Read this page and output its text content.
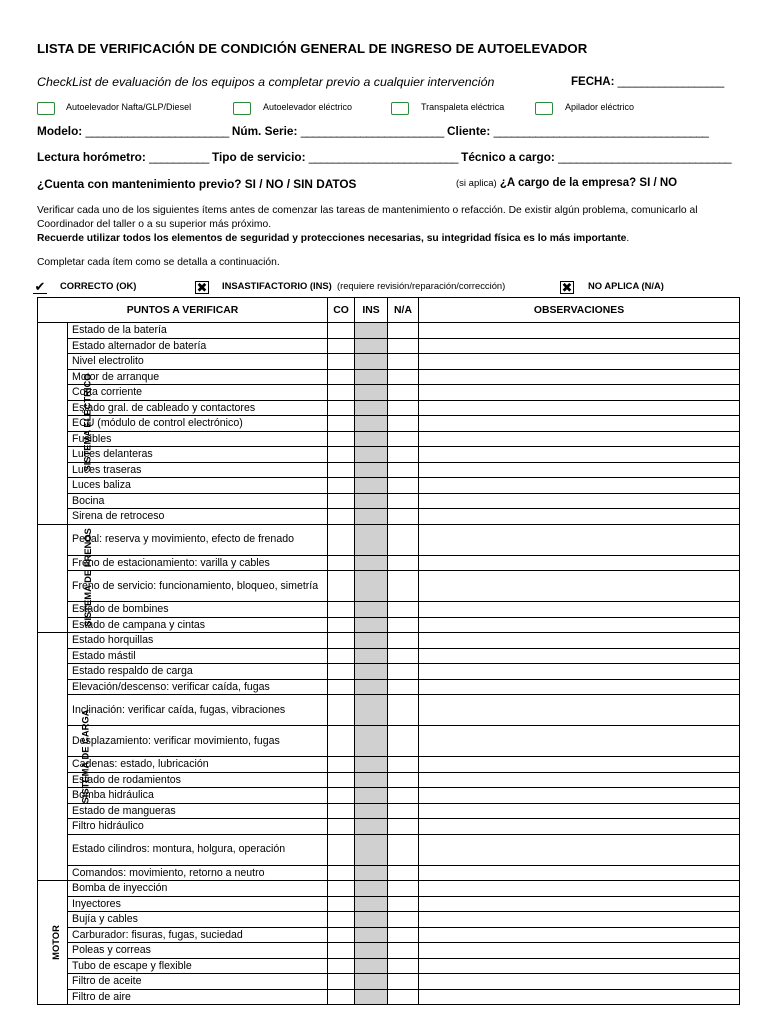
LISTA DE VERIFICACIÓN DE CONDICIÓN GENERAL DE INGRESO DE AUTOELEVADOR
CheckList de evaluación de los equipos a completar previo a cualquier intervención	FECHA: __________________
Autoelevador Nafta/GLP/Diesel	Autoelevador eléctrico	Transpaleta eléctrica	Apilador eléctrico
Modelo: ________________________ Núm. Serie: ________________________ Cliente: ____________________________________
Lectura horómetro: __________ Tipo de servicio: _________________________ Técnico a cargo: _____________________________
¿Cuenta con mantenimiento previo? SI / NO / SIN DATOS	(si aplica) ¿A cargo de la empresa? SI / NO
Verificar cada uno de los siguientes ítems antes de comenzar las tareas de mantenimiento o refacción. De existir algún problema, comunicarlo al Coordinador del taller o a su superior más próximo.
Recuerde utilizar todos los elementos de seguridad y protecciones necesarias, su integridad física es lo más importante.
Completar cada ítem como se detalla a continuación.
✔ CORRECTO (OK)	✖ INSASTIFACTORIO (INS) (requiere revisión/reparación/corrección)	✖ NO APLICA (N/A)
PUNTOS A VERIFICAR		CO	INS	N/A	OBSERVACIONES
SISTEMA ELÉCTRICO	Estado de la batería				
	Estado alternador de batería				
	Nivel electrolito				
	Motor de arranque				
	Corta corriente				
	Estado gral. de cableado y contactores				
	ECU (módulo de control electrónico)				
	Fusibles				
	Luces delanteras				
	Luces traseras				
	Luces baliza				
	Bocina				
	Sirena de retroceso				
SISTEMA DE FRENOS	Pedal: reserva y movimiento, efecto de frenado				
	Freno de estacionamiento: varilla y cables				
	Freno de servicio: funcionamiento, bloqueo, simetría				
	Estado de bombines				
	Estado de campana y cintas				
SISTEMA DE CARGA	Estado horquillas				
	Estado mástil				
	Estado respaldo de carga				
	Elevación/descenso: verificar caída, fugas				
	Inclinación: verificar caída, fugas, vibraciones				
	Desplazamiento: verificar movimiento, fugas				
	Cadenas: estado, lubricación				
	Estado de rodamientos				
	Bomba hidráulica				
	Estado de mangueras				
	Filtro hidráulico				
	Estado cilindros: montura, holgura, operación				
	Comandos: movimiento, retorno a neutro				
MOTOR	Bomba de inyección				
	Inyectores				
	Bujía y cables				
	Carburador: fisuras, fugas, suciedad				
	Poleas y correas				
	Tubo de escape y flexible				
	Filtro de aceite				
	Filtro de aire				
